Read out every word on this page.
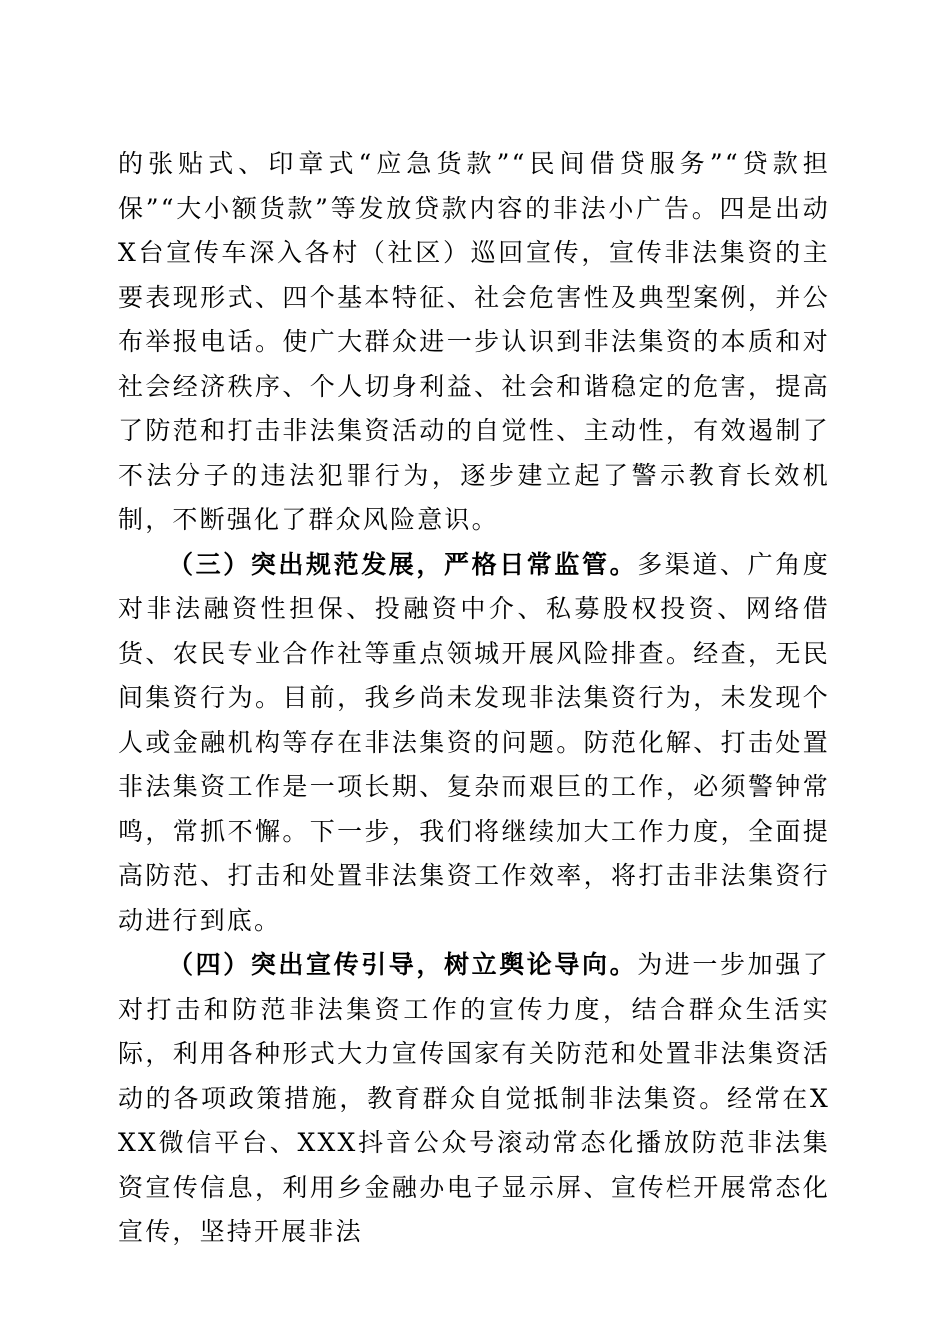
的张贴式、印章式“应急货款”“民间借贷服务”“贷款担保”“大小额货款”等发放贷款内容的非法小广告。四是出动X台宣传车深入各村（社区）巡回宣传，宣传非法集资的主要表现形式、四个基本特征、社会危害性及典型案例，并公布举报电话。使广大群众进一步认识到非法集资的本质和对社会经济秩序、个人切身利益、社会和谐稳定的危害，提高了防范和打击非法集资活动的自觉性、主动性，有效遏制了不法分子的违法犯罪行为，逐步建立起了警示教育长效机制，不断强化了群众风险意识。

（三）突出规范发展，严格日常监管。多渠道、广角度对非法融资性担保、投融资中介、私募股权投资、网络借货、农民专业合作社等重点领城开展风险排查。经查，无民间集资行为。目前，我乡尚未发现非法集资行为，未发现个人或金融机构等存在非法集资的问题。防范化解、打击处置非法集资工作是一项长期、复杂而艰巨的工作，必须警钟常鸣，常抓不懈。下一步，我们将继续加大工作力度，全面提高防范、打击和处置非法集资工作效率，将打击非法集资行动进行到底。

（四）突出宣传引导，树立舆论导向。为进一步加强了对打击和防范非法集资工作的宣传力度，结合群众生活实际，利用各种形式大力宣传国家有关防范和处置非法集资活动的各项政策措施，教育群众自觉抵制非法集资。经常在XXX微信平台、XXX抖音公众号滚动常态化播放防范非法集资宣传信息，利用乡金融办电子显示屏、宣传栏开展常态化宣传，坚持开展非法
